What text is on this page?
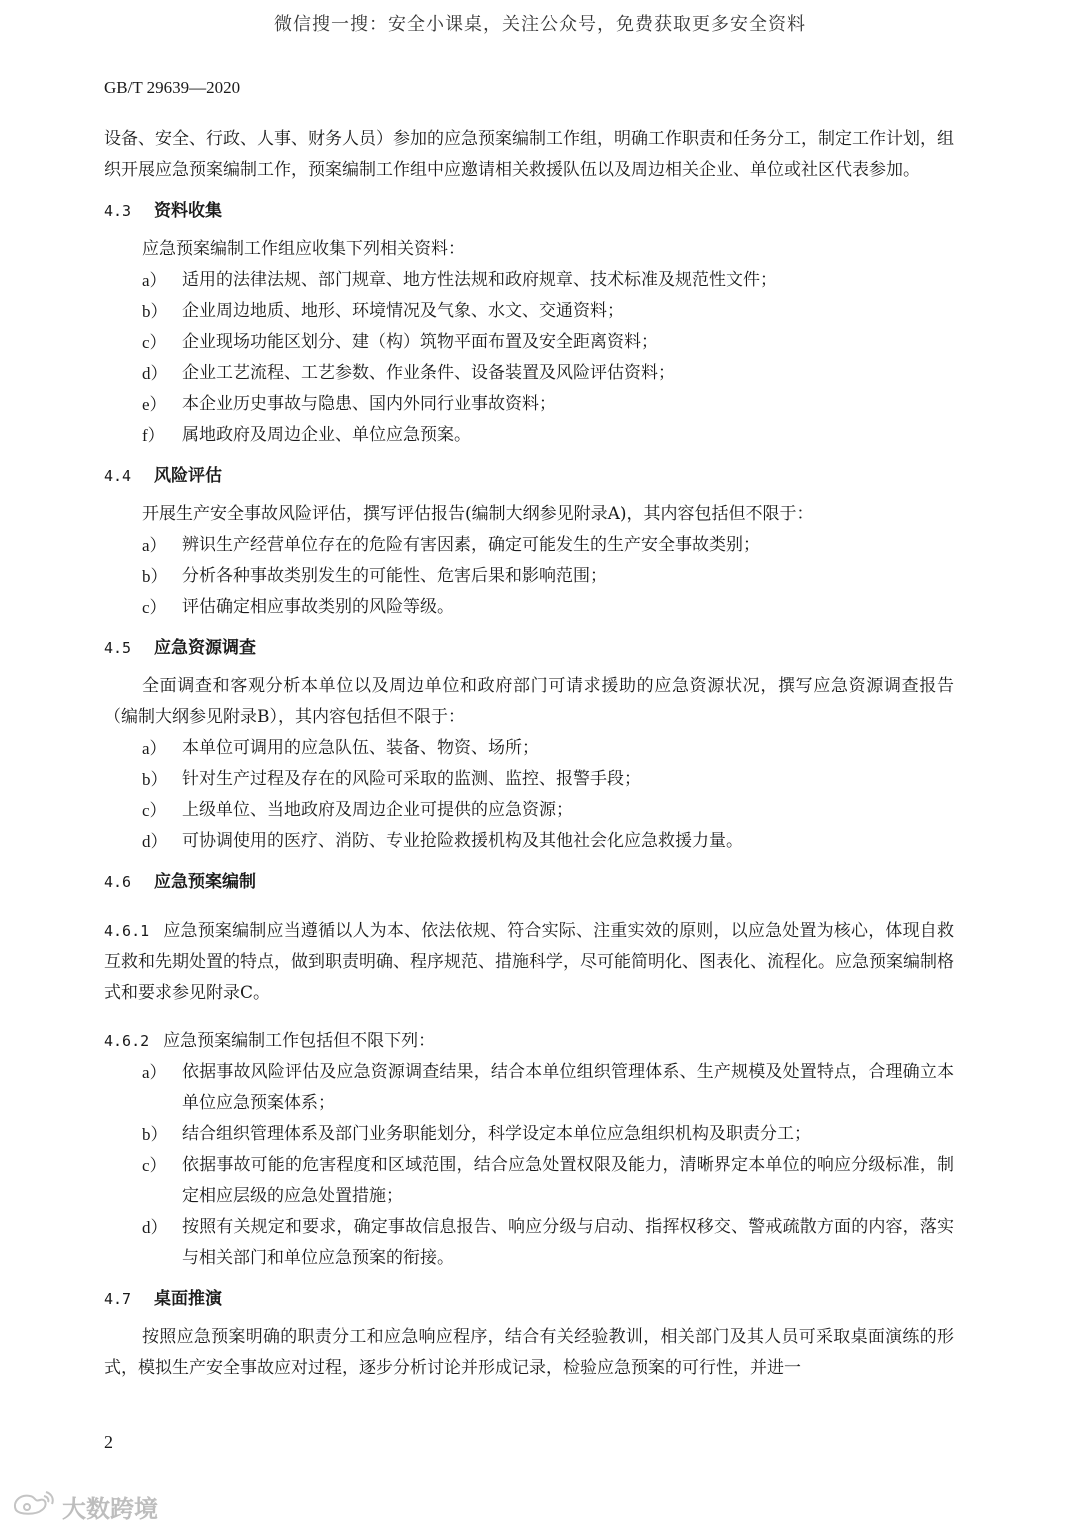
微信搜一搜：安全小课桌，关注公众号，免费获取更多安全资料
GB/T 29639—2020

设备、安全、行政、人事、财务人员）参加的应急预案编制工作组，明确工作职责和任务分工，制定工作计划，组织开展应急预案编制工作，预案编制工作组中应邀请相关救援队伍以及周边相关企业、单位或社区代表参加。

4.3 资料收集

应急预案编制工作组应收集下列相关资料：

a） 适用的法律法规、部门规章、地方性法规和政府规章、技术标准及规范性文件；
b） 企业周边地质、地形、环境情况及气象、水文、交通资料；
c） 企业现场功能区划分、建（构）筑物平面布置及安全距离资料；
d） 企业工艺流程、工艺参数、作业条件、设备装置及风险评估资料；
e） 本企业历史事故与隐患、国内外同行业事故资料；
f）	属地政府及周边企业、单位应急预案。
4.4 风险评估

开展生产安全事故风险评估，撰写评估报告(编制大纲参见附录A)，其内容包括但不限于：

a） 辨识生产经营单位存在的危险有害因素，确定可能发生的生产安全事故类别；
b） 分析各种事故类别发生的可能性、危害后果和影响范围；
c） 评估确定相应事故类别的风险等级。
4.5 应急资源调查

全面调查和客观分析本单位以及周边单位和政府部门可请求援助的应急资源状况，撰写应急资源调查报告（编制大纲参见附录B），其内容包括但不限于：

a） 本单位可调用的应急队伍、装备、物资、场所；
b） 针对生产过程及存在的风险可采取的监测、监控、报警手段；
c） 上级单位、当地政府及周边企业可提供的应急资源；
d） 可协调使用的医疗、消防、专业抢险救援机构及其他社会化应急救援力量。
4.6 应急预案编制

4.6.1 应急预案编制应当遵循以人为本、依法依规、符合实际、注重实效的原则，以应急处置为核心，体现自救互救和先期处置的特点，做到职责明确、程序规范、措施科学，尽可能简明化、图表化、流程化。应急预案编制格式和要求参见附录C。

4.6.2 应急预案编制工作包括但不限下列：

a） 依据事故风险评估及应急资源调查结果，结合本单位组织管理体系、生产规模及处置特点，合理确立本单位应急预案体系；
b） 结合组织管理体系及部门业务职能划分，科学设定本单位应急组织机构及职责分工；
c） 依据事故可能的危害程度和区域范围，结合应急处置权限及能力，清晰界定本单位的响应分级标准，制定相应层级的应急处置措施；
d） 按照有关规定和要求，确定事故信息报告、响应分级与启动、指挥权移交、警戒疏散方面的内容，落实与相关部门和单位应急预案的衔接。
4.7 桌面推演

按照应急预案明确的职责分工和应急响应程序，结合有关经验教训，相关部门及其人员可采取桌面演练的形式，模拟生产安全事故应对过程，逐步分析讨论并形成记录，检验应急预案的可行性，并进一

2
大数跨境
